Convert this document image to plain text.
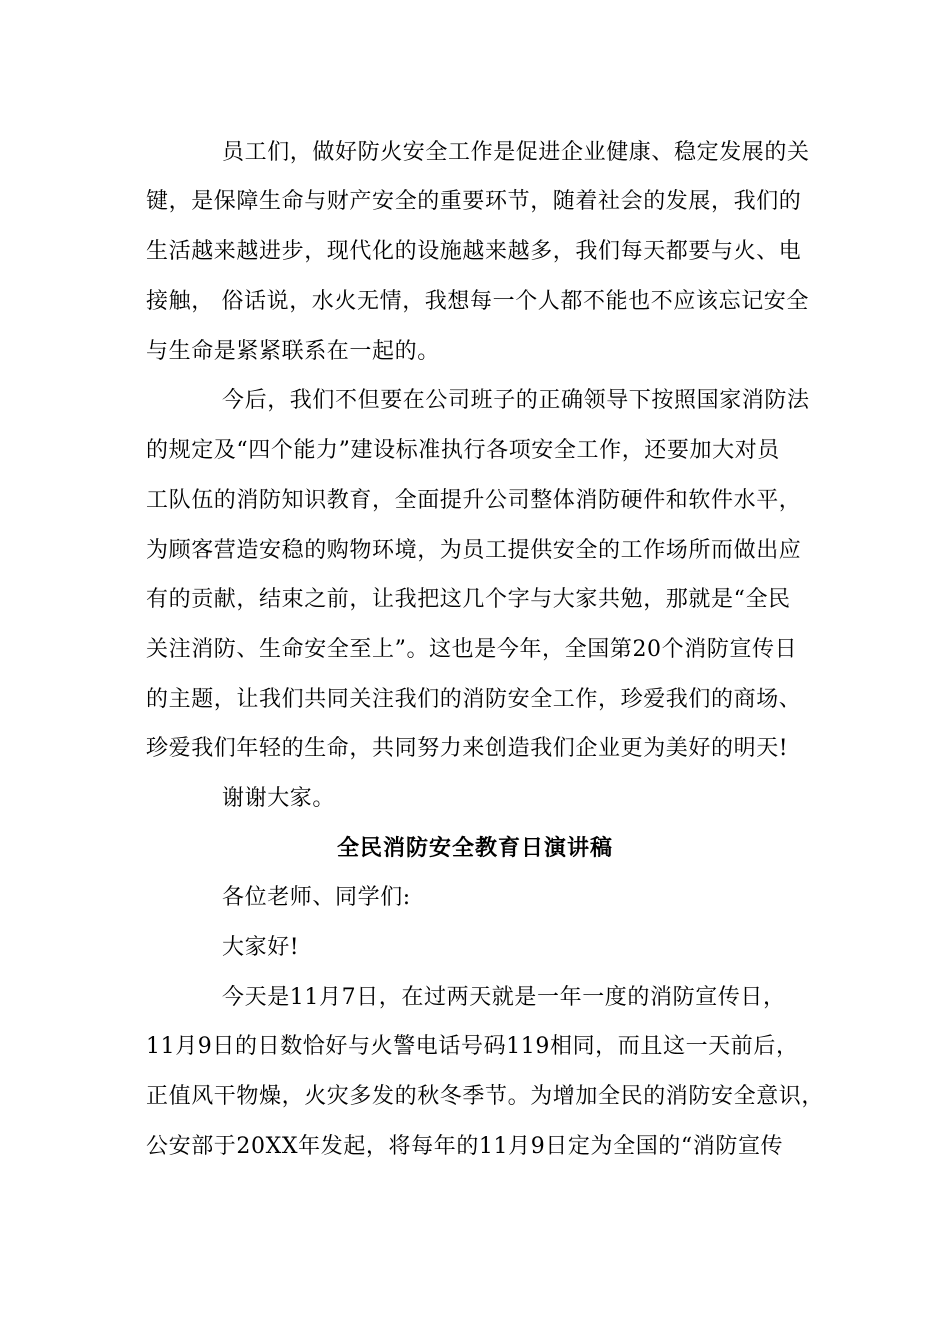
员工们，做好防火安全工作是促进企业健康、稳定发展的关
键，是保障生命与财产安全的重要环节，随着社会的发展，我们的
生活越来越进步，现代化的设施越来越多，我们每天都要与火、电
接触， 俗话说，水火无情，我想每一个人都不能也不应该忘记安全
与生命是紧紧联系在一起的。
今后，我们不但要在公司班子的正确领导下按照国家消防法
的规定及“四个能力”建设标准执行各项安全工作，还要加大对员
工队伍的消防知识教育，全面提升公司整体消防硬件和软件水平，
为顾客营造安稳的购物环境，为员工提供安全的工作场所而做出应
有的贡献，结束之前，让我把这几个字与大家共勉，那就是“全民
关注消防、生命安全至上”。这也是今年，全国第20个消防宣传日
的主题，让我们共同关注我们的消防安全工作，珍爱我们的商场、
珍爱我们年轻的生命，共同努力来创造我们企业更为美好的明天!
谢谢大家。
全民消防安全教育日演讲稿
各位老师、同学们:
大家好!
今天是11月7日，在过两天就是一年一度的消防宣传日，
11月9日的日数恰好与火警电话号码119相同，而且这一天前后，
正值风干物燥，火灾多发的秋冬季节。为增加全民的消防安全意识，
公安部于20XX年发起，将每年的11月9日定为全国的“消防宣传
